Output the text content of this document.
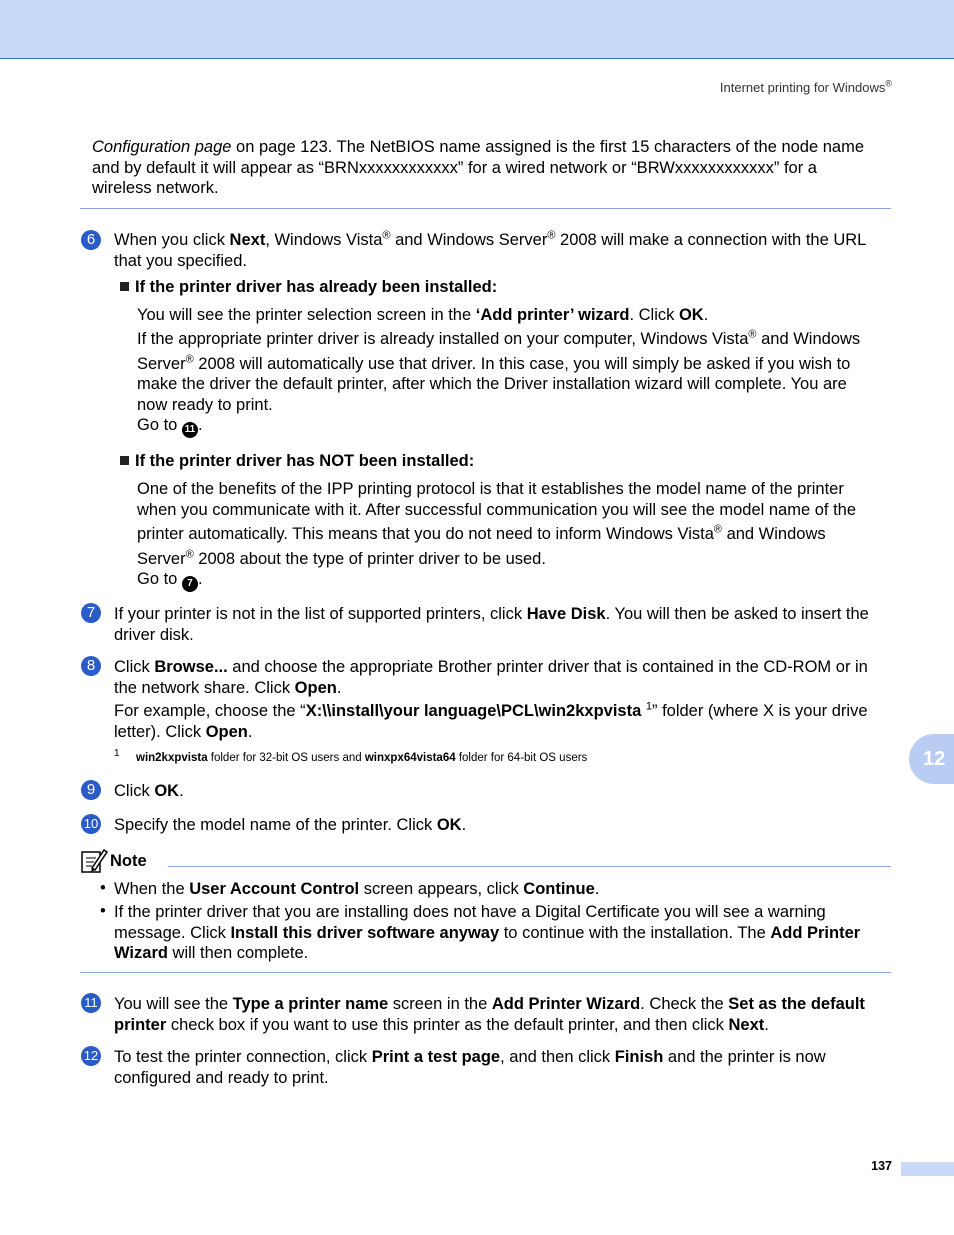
Internet printing for Windows®
Configuration page on page 123. The NetBIOS name assigned is the first 15 characters of the node name
and by default it will appear as “BRNxxxxxxxxxxxx” for a wired network or “BRWxxxxxxxxxxxx” for a
wireless network.
6	When you click Next, Windows Vista® and Windows Server® 2008 will make a connection with the URL
that you specified.
If the printer driver has already been installed:
You will see the printer selection screen in the ‘Add printer’ wizard. Click OK.
If the appropriate printer driver is already installed on your computer, Windows Vista® and Windows
Server® 2008 will automatically use that driver. In this case, you will simply be asked if you wish to
make the driver the default printer, after which the Driver installation wizard will complete. You are
now ready to print.
Go to 11 .
If the printer driver has NOT been installed:
One of the benefits of the IPP printing protocol is that it establishes the model name of the printer
when you communicate with it. After successful communication you will see the model name of the
printer automatically. This means that you do not need to inform Windows Vista® and Windows
Server® 2008 about the type of printer driver to be used.
Go to 7 .
7	If your printer is not in the list of supported printers, click Have Disk. You will then be asked to insert the
driver disk.
8	Click Browse... and choose the appropriate Brother printer driver that is contained in the CD-ROM or in
the network share. Click Open.
For example, choose the “X:\\install\your language\PCL\win2kxpvista $^1$” folder (where X is your drive
letter). Click Open.
1 win2kxpvista folder for 32-bit OS users and winxpx64vista64 folder for 64-bit OS users
9	Click OK.
10 Specify the model name of the printer. Click OK.
Note
• When the User Account Control screen appears, click Continue.
• If the printer driver that you are installing does not have a Digital Certificate you will see a warning
message. Click Install this driver software anyway to continue with the installation. The Add Printer
Wizard will then complete.
11 You will see the Type a printer name screen in the Add Printer Wizard. Check the Set as the default
printer check box if you want to use this printer as the default printer, and then click Next.
12 To test the printer connection, click Print a test page, and then click Finish and the printer is now
configured and ready to print.
12
137
